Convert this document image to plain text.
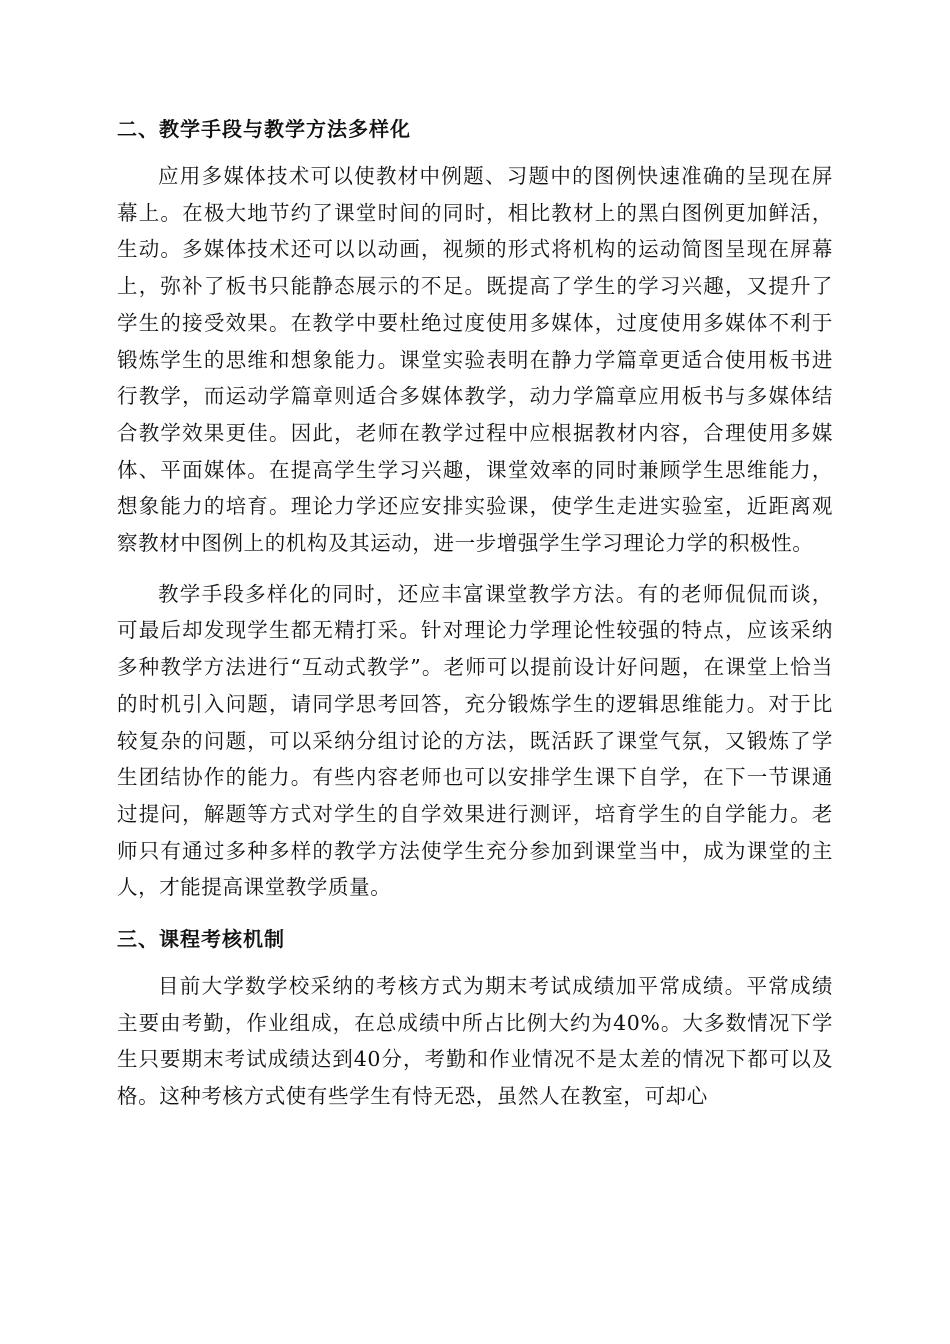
二、教学手段与教学方法多样化

应用多媒体技术可以使教材中例题、习题中的图例快速准确的呈现在屏幕上。在极大地节约了课堂时间的同时，相比教材上的黑白图例更加鲜活，生动。多媒体技术还可以以动画，视频的形式将机构的运动简图呈现在屏幕上，弥补了板书只能静态展示的不足。既提高了学生的学习兴趣，又提升了学生的接受效果。在教学中要杜绝过度使用多媒体，过度使用多媒体不利于锻炼学生的思维和想象能力。课堂实验表明在静力学篇章更适合使用板书进行教学，而运动学篇章则适合多媒体教学，动力学篇章应用板书与多媒体结合教学效果更佳。因此，老师在教学过程中应根据教材内容，合理使用多媒体、平面媒体。在提高学生学习兴趣，课堂效率的同时兼顾学生思维能力，想象能力的培育。理论力学还应安排实验课，使学生走进实验室，近距离观察教材中图例上的机构及其运动，进一步增强学生学习理论力学的积极性。

教学手段多样化的同时，还应丰富课堂教学方法。有的老师侃侃而谈，可最后却发现学生都无精打采。针对理论力学理论性较强的特点，应该采纳多种教学方法进行“互动式教学”。老师可以提前设计好问题，在课堂上恰当的时机引入问题，请同学思考回答，充分锻炼学生的逻辑思维能力。对于比较复杂的问题，可以采纳分组讨论的方法，既活跃了课堂气氛，又锻炼了学生团结协作的能力。有些内容老师也可以安排学生课下自学，在下一节课通过提问，解题等方式对学生的自学效果进行测评，培育学生的自学能力。老师只有通过多种多样的教学方法使学生充分参加到课堂当中，成为课堂的主人，才能提高课堂教学质量。

三、课程考核机制

目前大学数学校采纳的考核方式为期末考试成绩加平常成绩。平常成绩主要由考勤，作业组成，在总成绩中所占比例大约为40%。大多数情况下学生只要期末考试成绩达到40分，考勤和作业情况不是太差的情况下都可以及格。这种考核方式使有些学生有恃无恐，虽然人在教室，可却心
